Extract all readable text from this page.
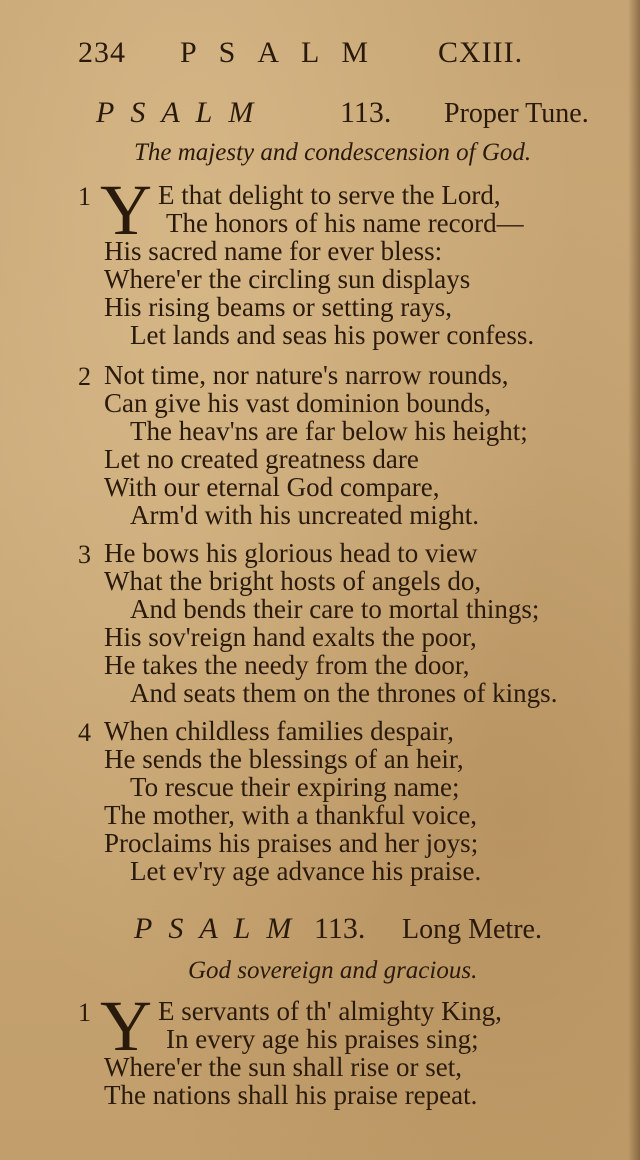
234 PSALM CXIII.
PSALM 113. Proper Tune.
The majesty and condescension of God.
1 Y E that delight to serve the Lord,
The honors of his name record—
His sacred name for ever bless:
Where'er the circling sun displays
His rising beams or setting rays,
Let lands and seas his power confess.
2 Not time, nor nature's narrow rounds,
Can give his vast dominion bounds,
The heav'ns are far below his height;
Let no created greatness dare
With our eternal God compare,
Arm'd with his uncreated might.
3 He bows his glorious head to view
What the bright hosts of angels do,
And bends their care to mortal things;
His sov'reign hand exalts the poor,
He takes the needy from the door,
And seats them on the thrones of kings.
4 When childless families despair,
He sends the blessings of an heir,
To rescue their expiring name;
The mother, with a thankful voice,
Proclaims his praises and her joys;
Let ev'ry age advance his praise.
PSALM 113. Long Metre.
God sovereign and gracious.
1 Y E servants of th' almighty King,
In every age his praises sing;
Where'er the sun shall rise or set,
The nations shall his praise repeat.
